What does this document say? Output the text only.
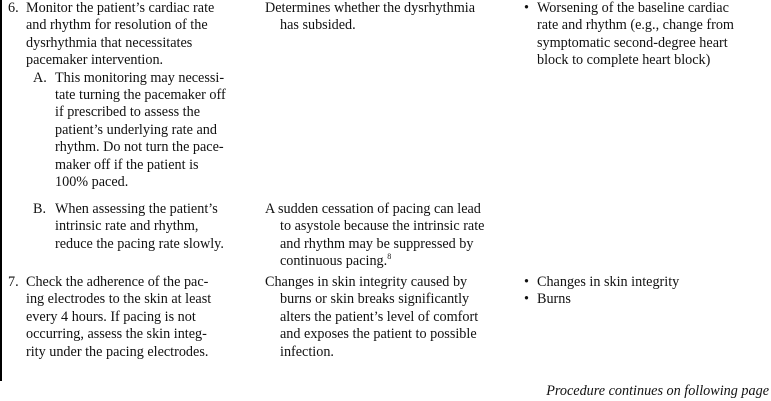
6. Monitor the patient’s cardiac rate
and rhythm for resolution of the
dysrhythmia that necessitates
pacemaker intervention.
A. This monitoring may necessi-
tate turning the pacemaker off
if prescribed to assess the
patient’s underlying rate and
rhythm. Do not turn the pace-
maker off if the patient is
100% paced.
B. When assessing the patient’s
intrinsic rate and rhythm,
reduce the pacing rate slowly.
Determines whether the dysrhythmia
has subsided.
A sudden cessation of pacing can lead
to asystole because the intrinsic rate
and rhythm may be suppressed by
continuous pacing.$^8$
• Worsening of the baseline cardiac
rate and rhythm (e.g., change from
symptomatic second-degree heart
block to complete heart block)
7. Check the adherence of the pac-
ing electrodes to the skin at least
every 4 hours. If pacing is not
occurring, assess the skin integ-
rity under the pacing electrodes.
Changes in skin integrity caused by
burns or skin breaks significantly
alters the patient’s level of comfort
and exposes the patient to possible
infection.
• Changes in skin integrity
• Burns
Procedure continues on following page
